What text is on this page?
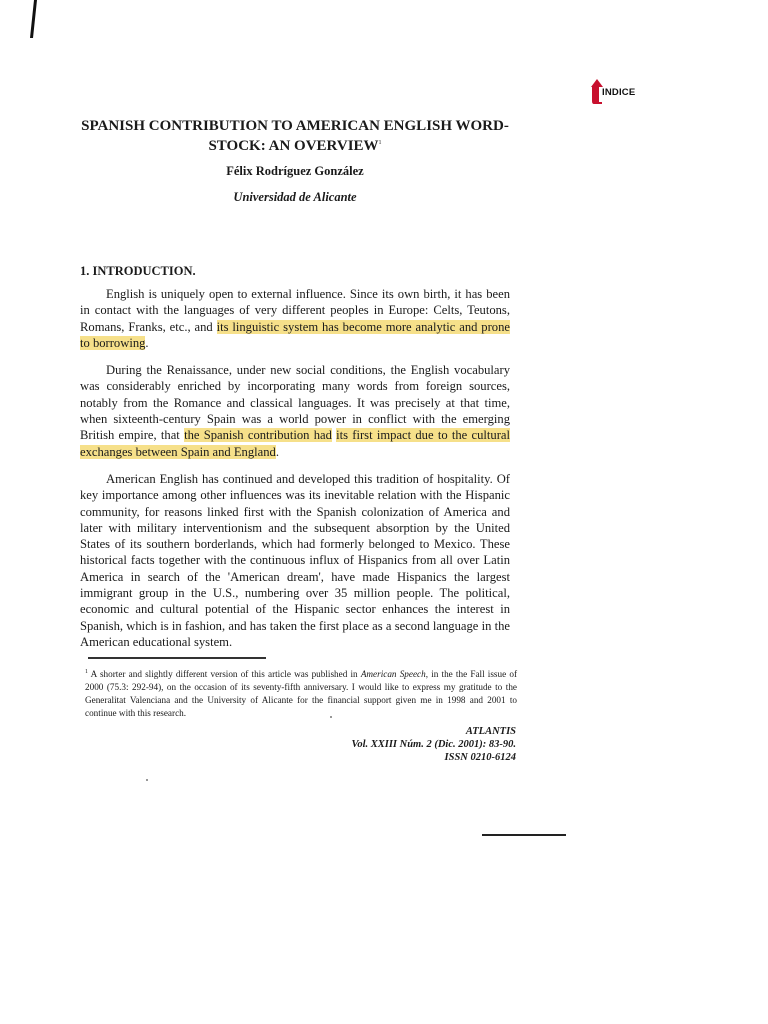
INDICE
SPANISH CONTRIBUTION TO AMERICAN ENGLISH WORD-STOCK: AN OVERVIEW$^1$
Félix Rodríguez González
Universidad de Alicante
1. INTRODUCTION.

English is uniquely open to external influence. Since its own birth, it has been in contact with the languages of very different peoples in Europe: Celts, Teutons, Romans, Franks, etc., and its linguistic system has become more analytic and prone to borrowing.

During the Renaissance, under new social conditions, the English vocabulary was considerably enriched by incorporating many words from foreign sources, notably from the Romance and classical languages. It was precisely at that time, when sixteenth-century Spain was a world power in conflict with the emerging British empire, that the Spanish contribution had its first impact due to the cultural exchanges between Spain and England.

American English has continued and developed this tradition of hospitality. Of key importance among other influences was its inevitable relation with the Hispanic community, for reasons linked first with the Spanish colonization of America and later with military interventionism and the subsequent absorption by the United States of its southern borderlands, which had formerly belonged to Mexico. These historical facts together with the continuous influx of Hispanics from all over Latin America in search of the 'American dream', have made Hispanics the largest immigrant group in the U.S., numbering over 35 million people. The political, economic and cultural potential of the Hispanic sector enhances the interest in Spanish, which is in fashion, and has taken the first place as a second language in the American educational system.

$^1$ A shorter and slightly different version of this article was published in American Speech, in the the Fall issue of 2000 (75.3: 292-94), on the occasion of its seventy-fifth anniversary. I would like to express my gratitude to the Generalitat Valenciana and the University of Alicante for the financial support given me in 1998 and 2001 to continue with this research.
ATLANTIS
Vol. XXIII Núm. 2 (Dic. 2001): 83-90.
ISSN 0210-6124
